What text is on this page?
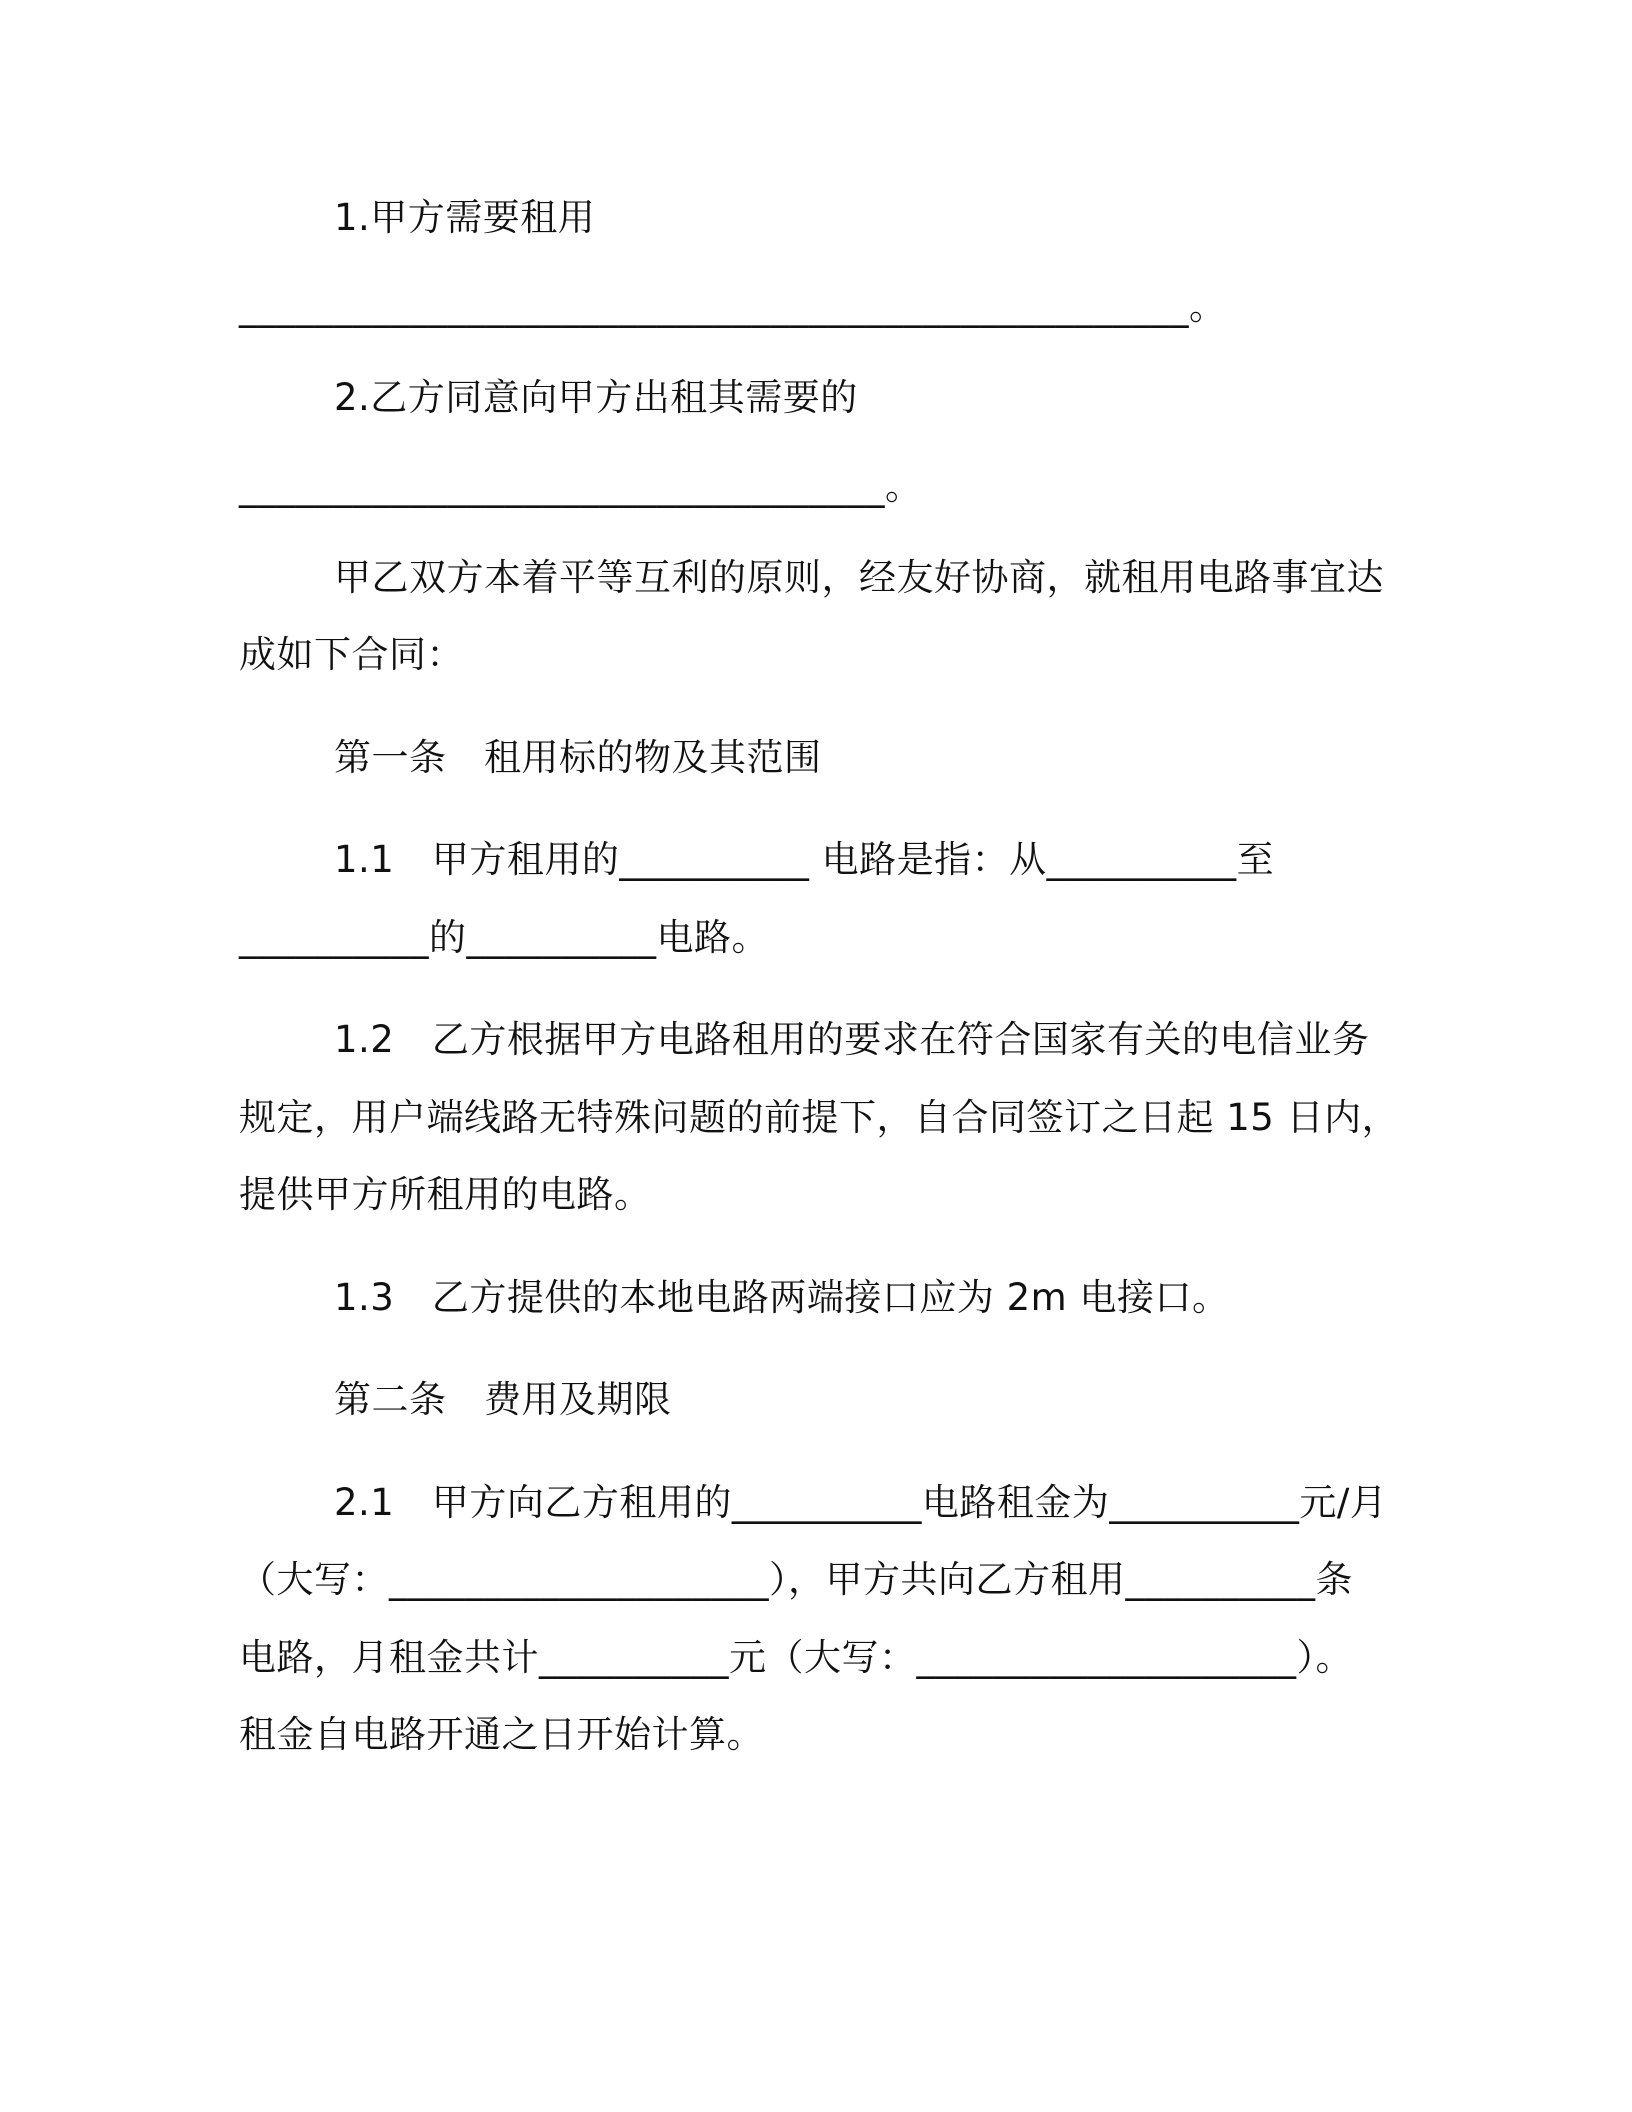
1.甲方需要租用
__________________________________________________。
2.乙方同意向甲方出租其需要的
__________________________________。
甲乙双方本着平等互利的原则，经友好协商，就租用电路事宜达
成如下合同：
第一条　租用标的物及其范围
1.1　甲方租用的__________ 电路是指：从__________至
__________的__________电路。
1.2　乙方根据甲方电路租用的要求在符合国家有关的电信业务
规定，用户端线路无特殊问题的前提下，自合同签订之日起 15 日内，
提供甲方所租用的电路。
1.3　乙方提供的本地电路两端接口应为 2m 电接口。
第二条　费用及期限
2.1　甲方向乙方租用的__________电路租金为__________元/月
（大写：____________________），甲方共向乙方租用__________条
电路，月租金共计__________元（大写：____________________）。
租金自电路开通之日开始计算。
